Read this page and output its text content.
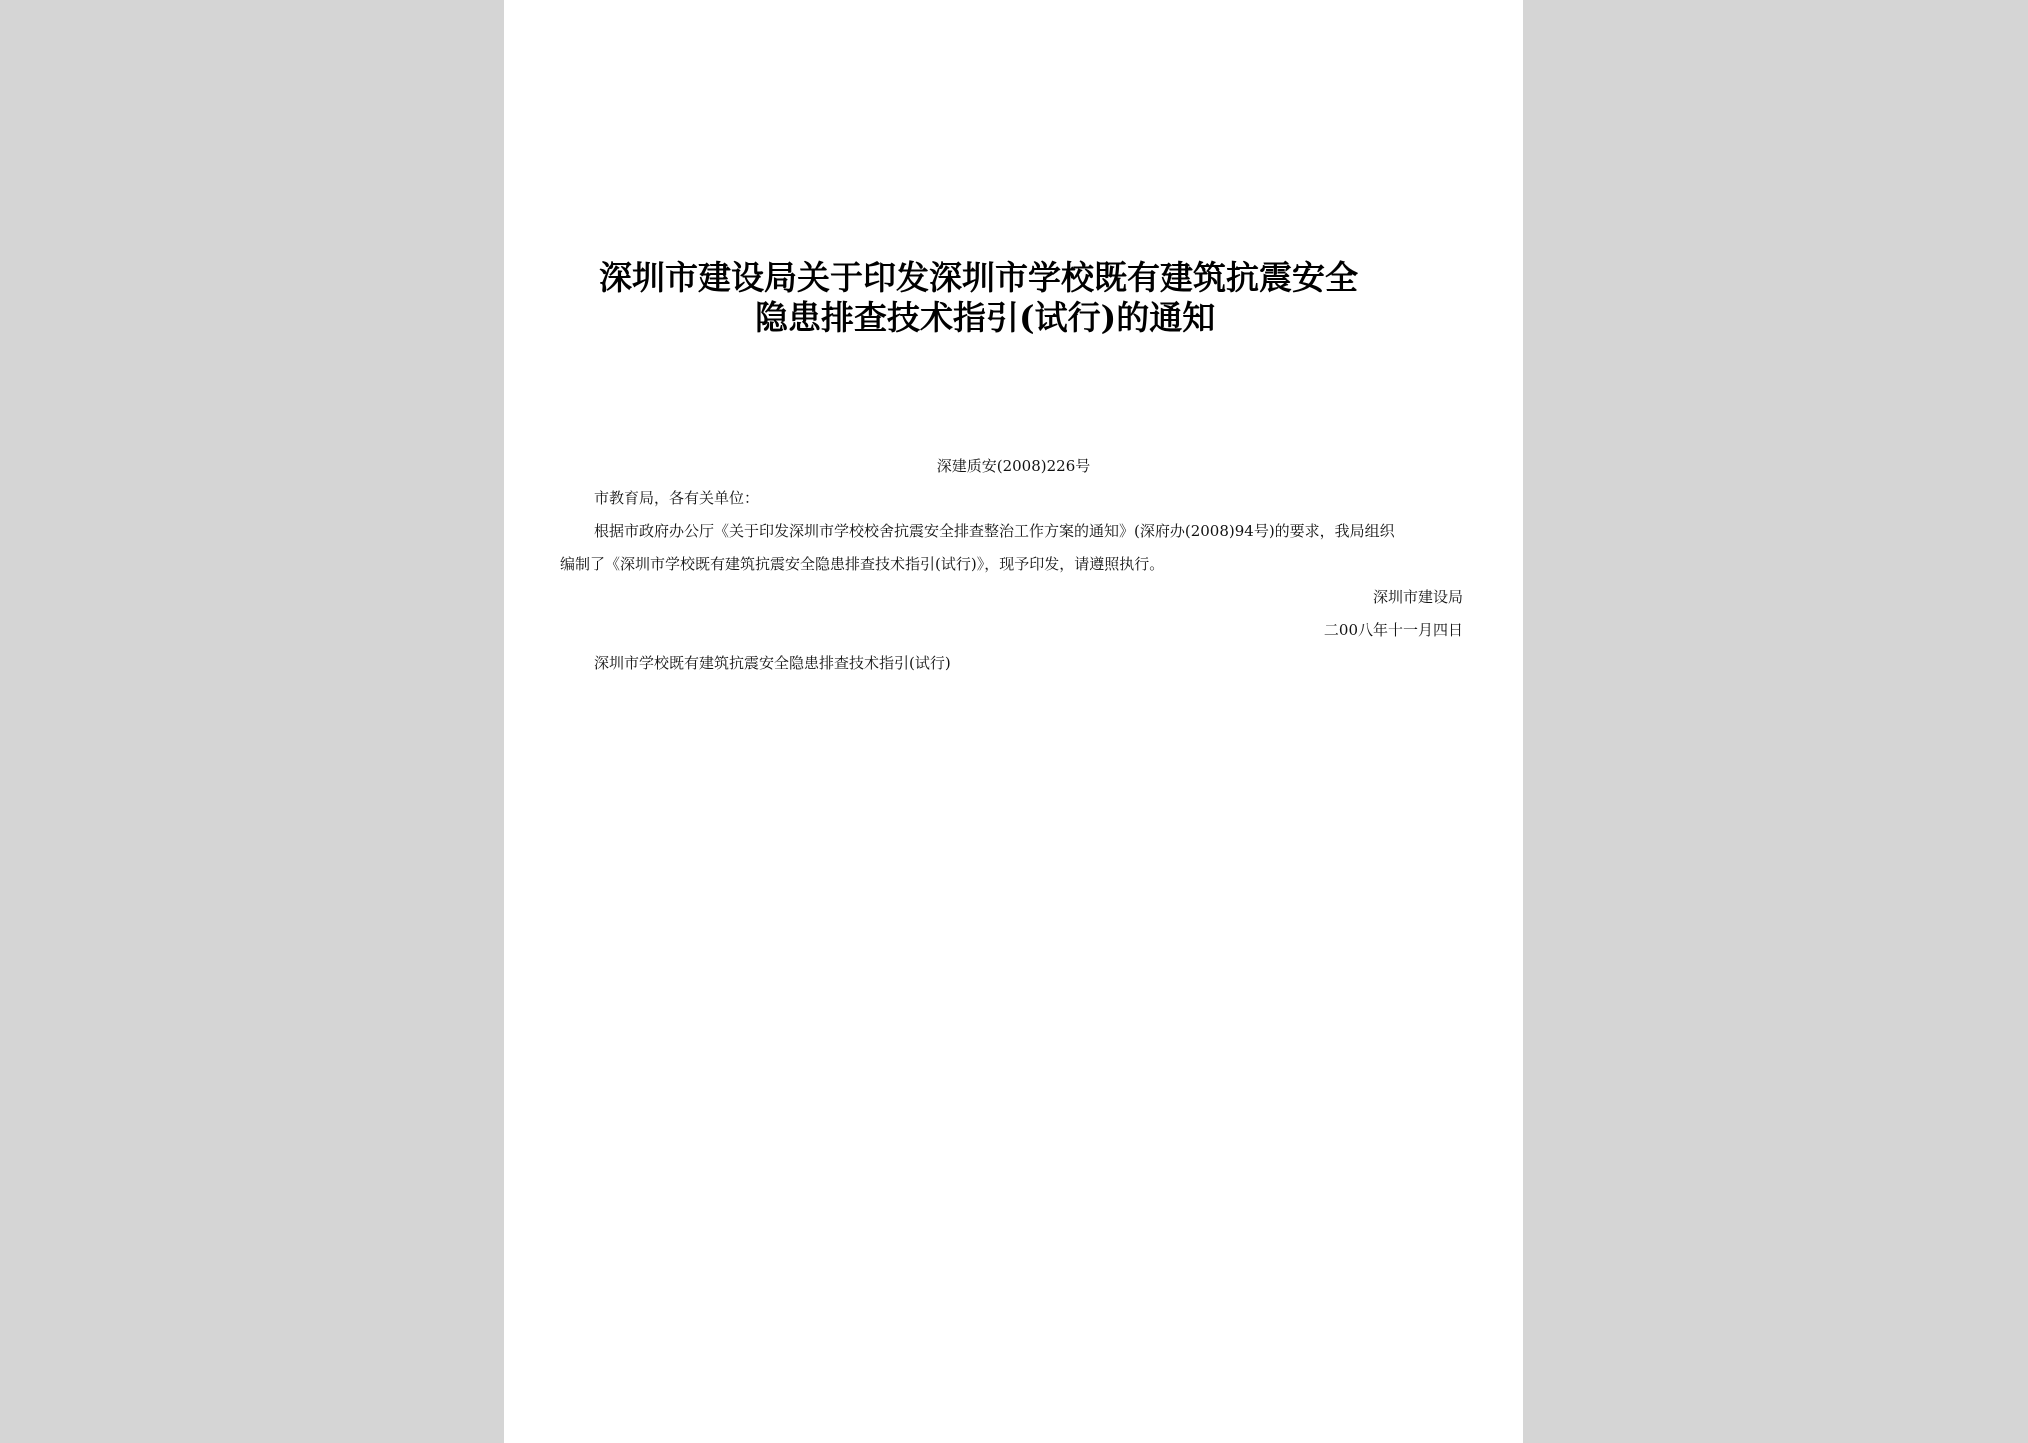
深圳市建设局关于印发深圳市学校既有建筑抗震安全
隐患排查技术指引(试行)的通知
深建质安(2008)226号
市教育局，各有关单位：
根据市政府办公厅《关于印发深圳市学校校舍抗震安全排查整治工作方案的通知》(深府办(2008)94号)的要求，我局组织
编制了《深圳市学校既有建筑抗震安全隐患排查技术指引(试行)》，现予印发，请遵照执行。
深圳市建设局
二00八年十一月四日
深圳市学校既有建筑抗震安全隐患排查技术指引(试行)
